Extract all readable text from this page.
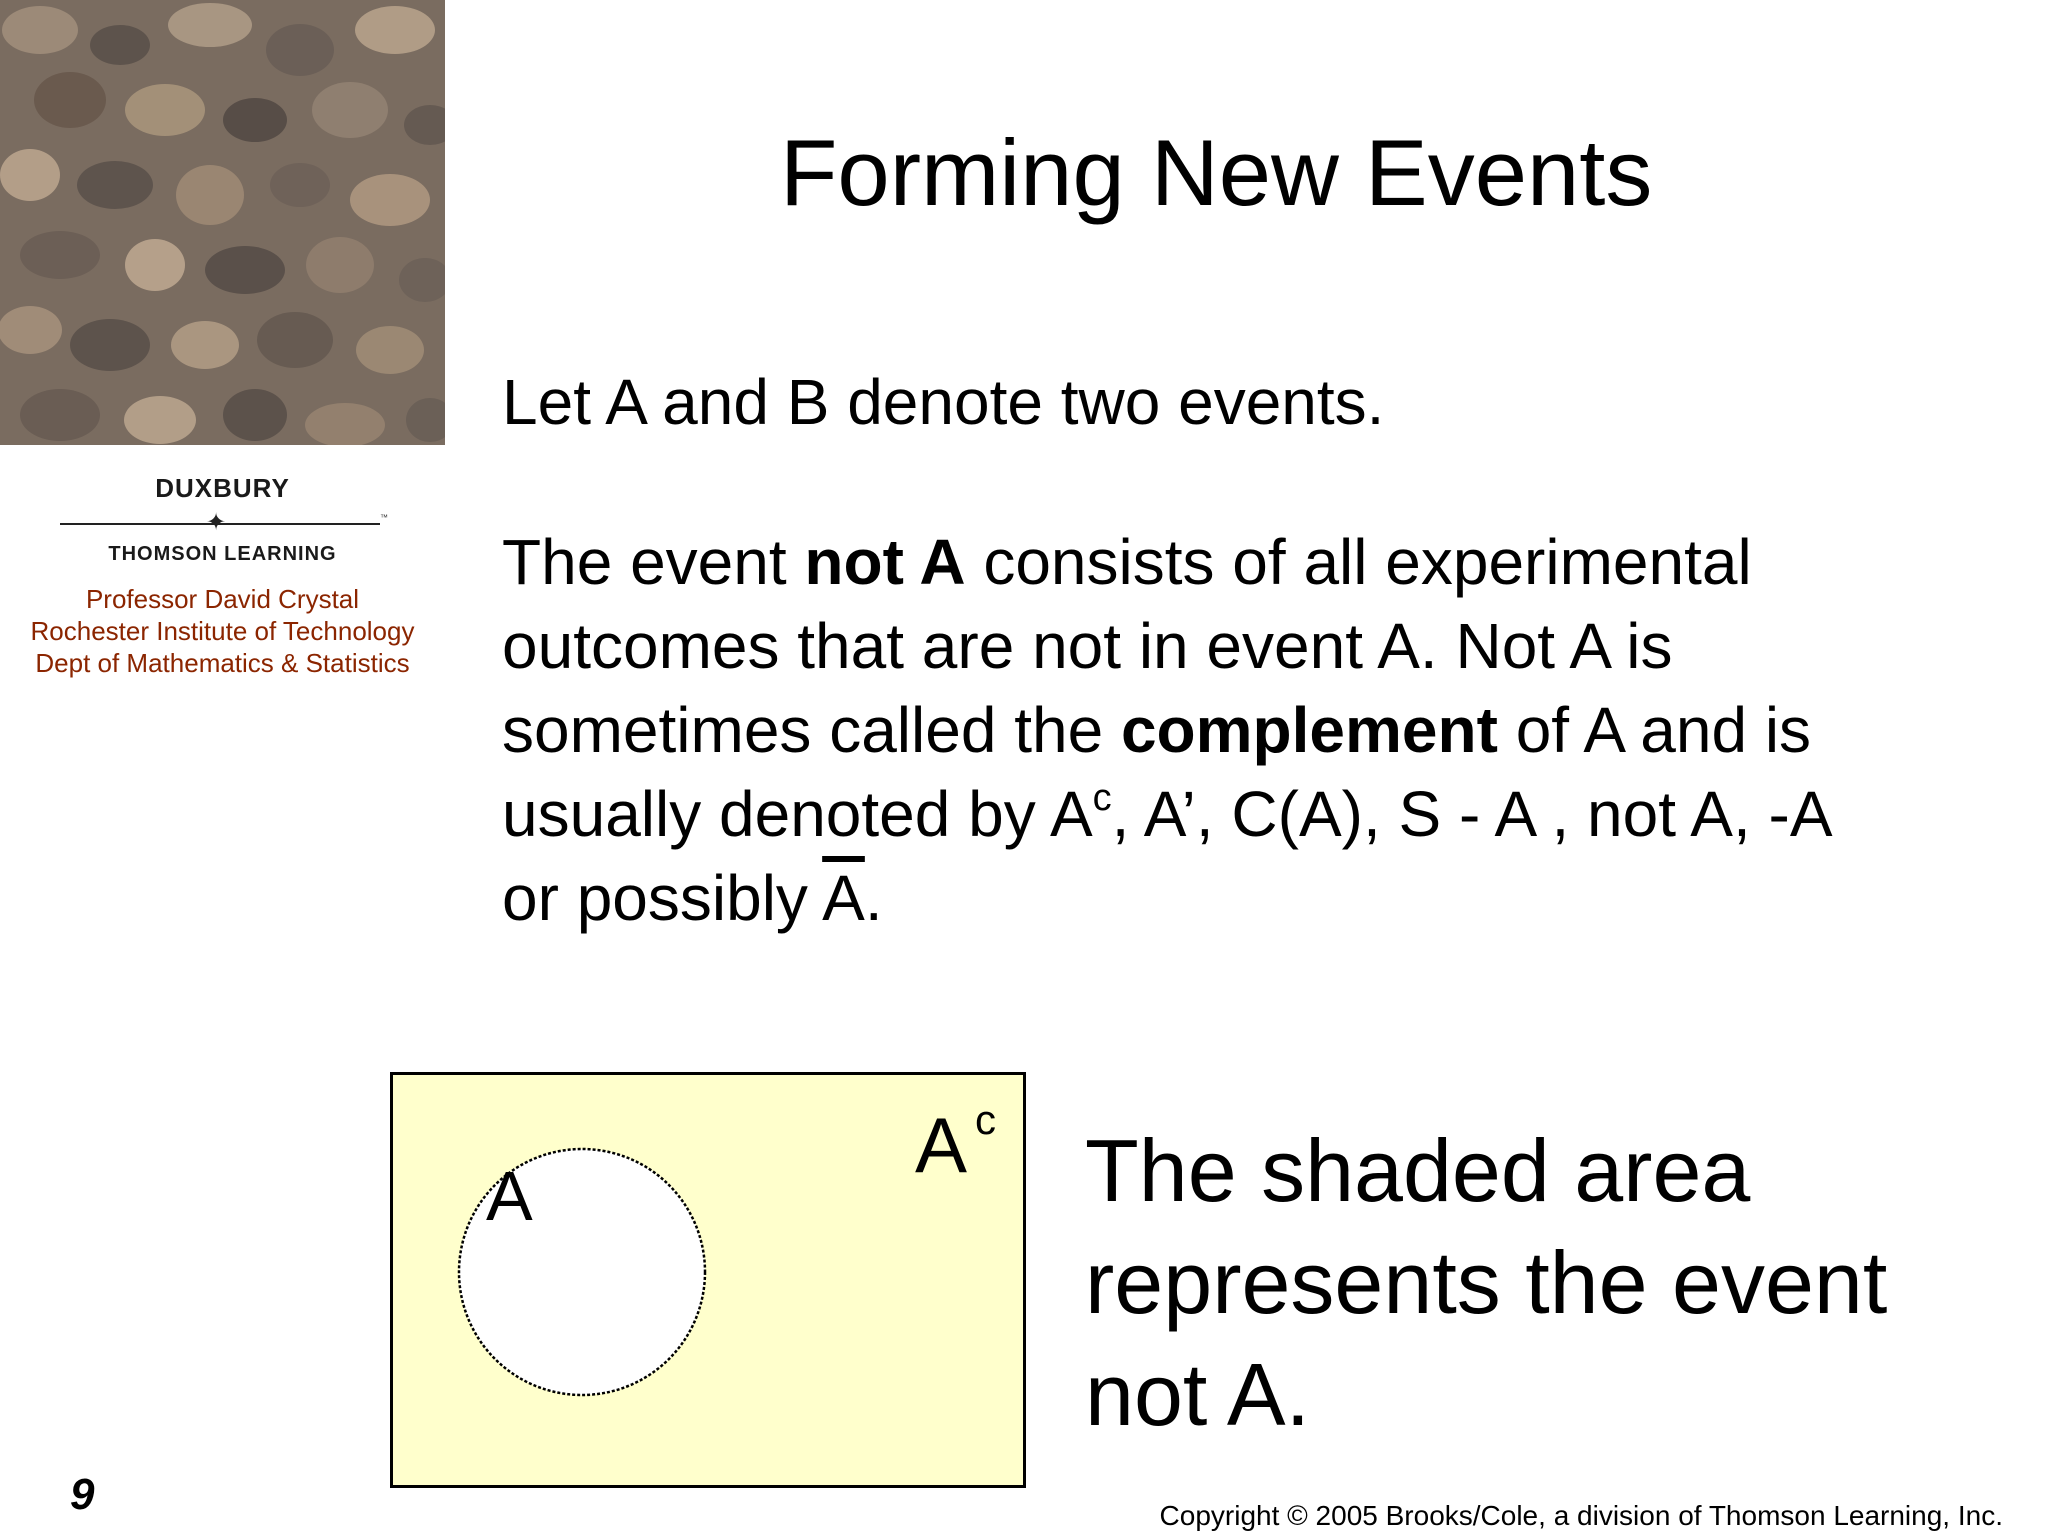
DUXBURY
✦	™
THOMSON LEARNING
Professor David Crystal
Rochester Institute of Technology
Dept of Mathematics & Statistics
Forming New Events
Let A and B denote two events.
The event not A consists of all experimental outcomes that are not in event A. Not A is sometimes called the complement of A and is usually denoted by $A^c$, A’, C(A), S - A , not A, -A or possibly $\overline{A}$.
A
A c
The shaded area represents the event not A.
9	Copyright © 2005 Brooks/Cole, a division of Thomson Learning, Inc.
